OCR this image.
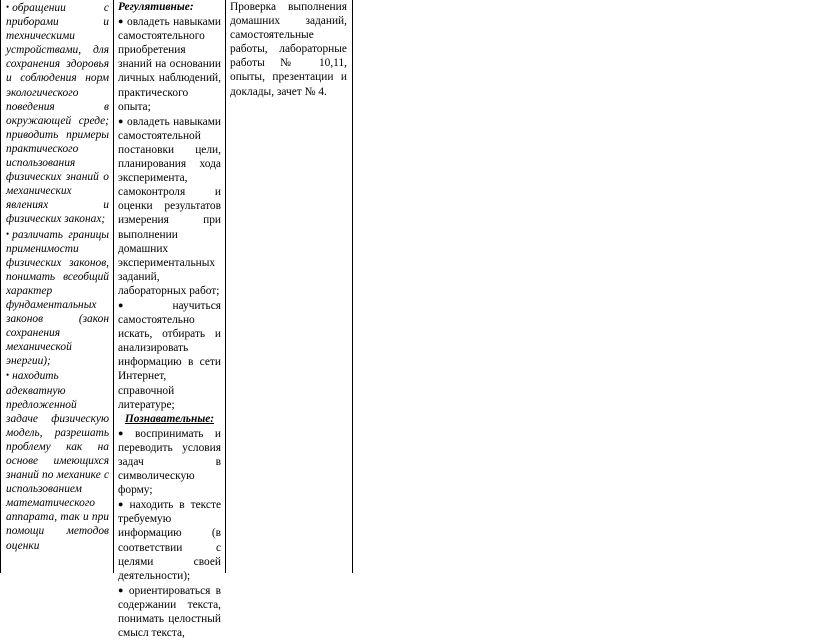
• обращении с приборами и техническими устройствами, для сохранения здоровья и соблюдения норм экологического поведения в окружающей среде; приводить примеры практического использования физических знаний о механических явлениях и физических законах;

• различать границы применимости физических законов, понимать всеобщий характер фундаментальных законов (закон сохранения механической энергии);

• находить адекватную предложенной задаче физическую модель, разрешать проблему как на основе имеющихся знаний по механике с использованием математического аппарата, так и при помощи методов оценки

Регулятивные:

● овладеть навыками самостоятельного приобретения знаний на основании личных наблюдений, практического опыта;

● овладеть навыками самостоятельной постановки цели, планирования хода эксперимента, самоконтроля и оценки результатов измерения при выполнении домашних экспериментальных заданий, лабораторных работ;

● научиться самостоятельно искать, отбирать и анализировать информацию в сети Интернет, справочной литературе;

Познавательные:

● воспринимать и переводить условия задач в символическую форму;

● находить в тексте требуемую информацию (в соответствии с целями своей деятельности);

● ориентироваться в содержании текста, понимать целостный смысл текста,

Проверка выполнения домашних заданий, самостоятельные работы, лабораторные работы № 10,11, опыты, презентации и доклады, зачет № 4.
